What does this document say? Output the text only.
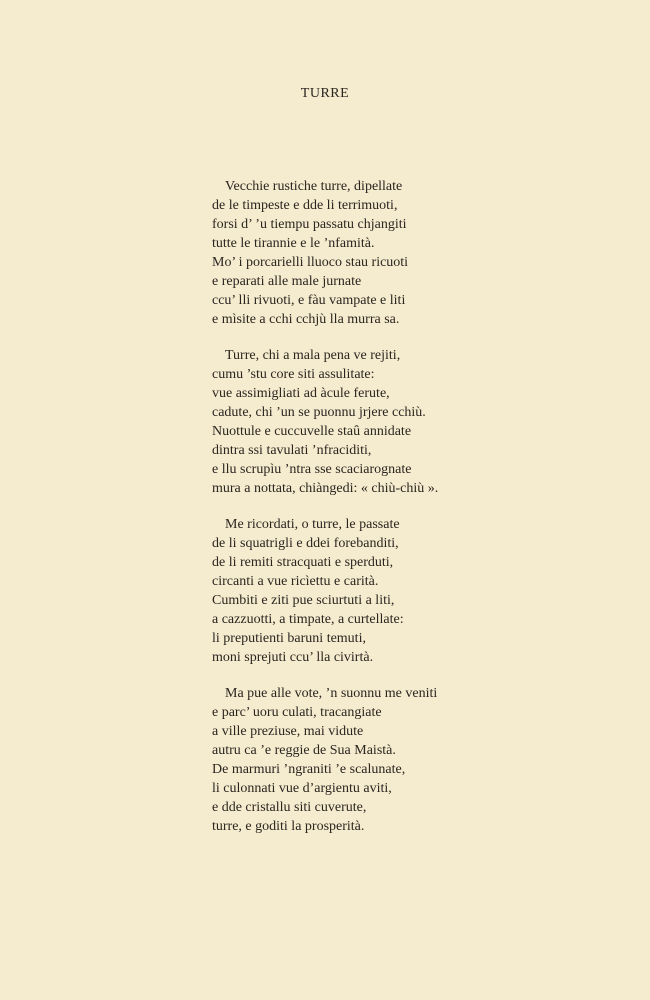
TURRE
Vecchie rustiche turre, dipellate
de le timpeste e dde li terrimuoti,
forsi d’ ’u tiempu passatu chjangiti
tutte le tirannie e le ’nfamità.
Mo’ i porcarielli lluoco stau ricuoti
e reparati alle male jurnate
ccu’ lli rivuoti, e fàu vampate e liti
e mìsite a cchi cchjù lla murra sa.
Turre, chi a mala pena ve rejiti,
cumu ’stu core siti assulitate:
vue assimigliati ad àcule ferute,
cadute, chi ’un se puonnu jrjere cchiù.
Nuottule e cuccuvelle staû annidate
dintra ssi tavulati ’nfraciditi,
e llu scrupìu ’ntra sse scaciarognate
mura a nottata, chiàngedi: « chiù-chiù ».
Me ricordati, o turre, le passate
de li squatrigli e ddei forebanditi,
de li remiti stracquati e sperduti,
circanti a vue ricìettu e carità.
Cumbiti e ziti pue sciurtuti a liti,
a cazzuotti, a timpate, a curtellate:
li preputienti baruni temuti,
moni sprejuti ccu’ lla civirtà.
Ma pue alle vote, ’n suonnu me veniti
e parc’ uoru culati, tracangiate
a ville preziuse, mai vidute
autru ca ’e reggie de Sua Maistà.
De marmuri ’ngraniti ’e scalunate,
li culonnati vue d’argientu aviti,
e dde cristallu siti cuverute,
turre, e goditi la prosperità.
